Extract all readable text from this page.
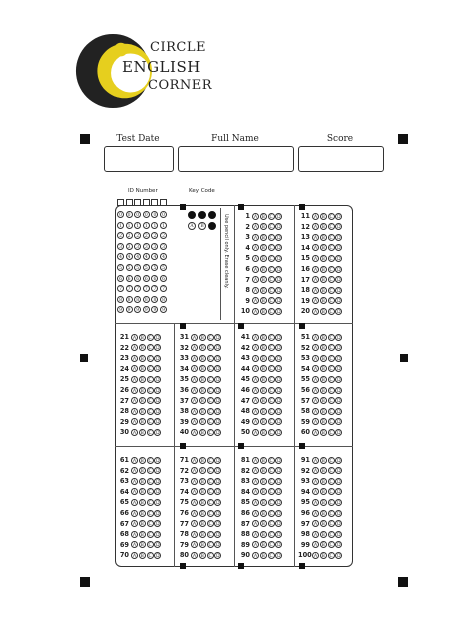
CIRCLE
ENGLISH
CORNER
Test Date	Full Name	Score
ID Number	Key Code
Use pencil only. Erase cleanly.
0	0	0	0	0	0
1	1	1	1	1	1
2	2	2	2	2	2
3	3	3	3	3	3
4	4	4	4	4	4
5	5	5	5	5	5
6	6	6	6	6	6
7	7	7	7	7	7
8	8	8	8	8	8
9	9	9	9	9	9
A	B	C
1 A	B	C D
2 A	B	C D
3 A	B	C D
4 A	B	C D
5 A	B	C D
6 A	B	C D
7 A	B	C D
8 A	B	C D
9 A	B	C D
10 A	B	C D
11 A	B	C D
12 A	B	C D
13 A	B	C D
14 A	B	C D
15 A	B	C D
16 A	B	C D
17 A	B	C D
18 A	B	C D
19 A	B	C D
20 A	B	C D
21 A	B	C D
22 A	B	C D
23 A	B	C D
24 A	B	C D
25 A	B	C D
26 A	B	C D
27 A	B	C D
28 A	B	C D
29 A	B	C D
30 A	B	C D
31 A	B	C D
32 A	B	C D
33 A	B	C D
34 A	B	C D
35 A	B	C D
36 A	B	C D
37 A	B	C D
38 A	B	C D
39 A	B	C D
40 A	B	C D
41 A	B	C D
42 A	B	C D
43 A	B	C D
44 A	B	C D
45 A	B	C D
46 A	B	C D
47 A	B	C D
48 A	B	C D
49 A	B	C D
50 A	B	C D
51 A	B	C D
52 A	B	C D
53 A	B	C D
54 A	B	C D
55 A	B	C D
56 A	B	C D
57 A	B	C D
58 A	B	C D
59 A	B	C D
60 A	B	C D
61 A	B	C D
62 A	B	C D
63 A	B	C D
64 A	B	C D
65 A	B	C D
66 A	B	C D
67 A	B	C D
68 A	B	C D
69 A	B	C D
70 A	B	C D
71 A	B	C D
72 A	B	C D
73 A	B	C D
74 A	B	C D
75 A	B	C D
76 A	B	C D
77 A	B	C D
78 A	B	C D
79 A	B	C D
80 A	B	C D
81 A	B	C D
82 A	B	C D
83 A	B	C D
84 A	B	C D
85 A	B	C D
86 A	B	C D
87 A	B	C D
88 A	B	C D
89 A	B	C D
90 A	B	C D
91 A	B	C D
92 A	B	C D
93 A	B	C D
94 A	B	C D
95 A	B	C D
96 A	B	C D
97 A	B	C D
98 A	B	C D
99 A	B	C D
100 A	B	C D
